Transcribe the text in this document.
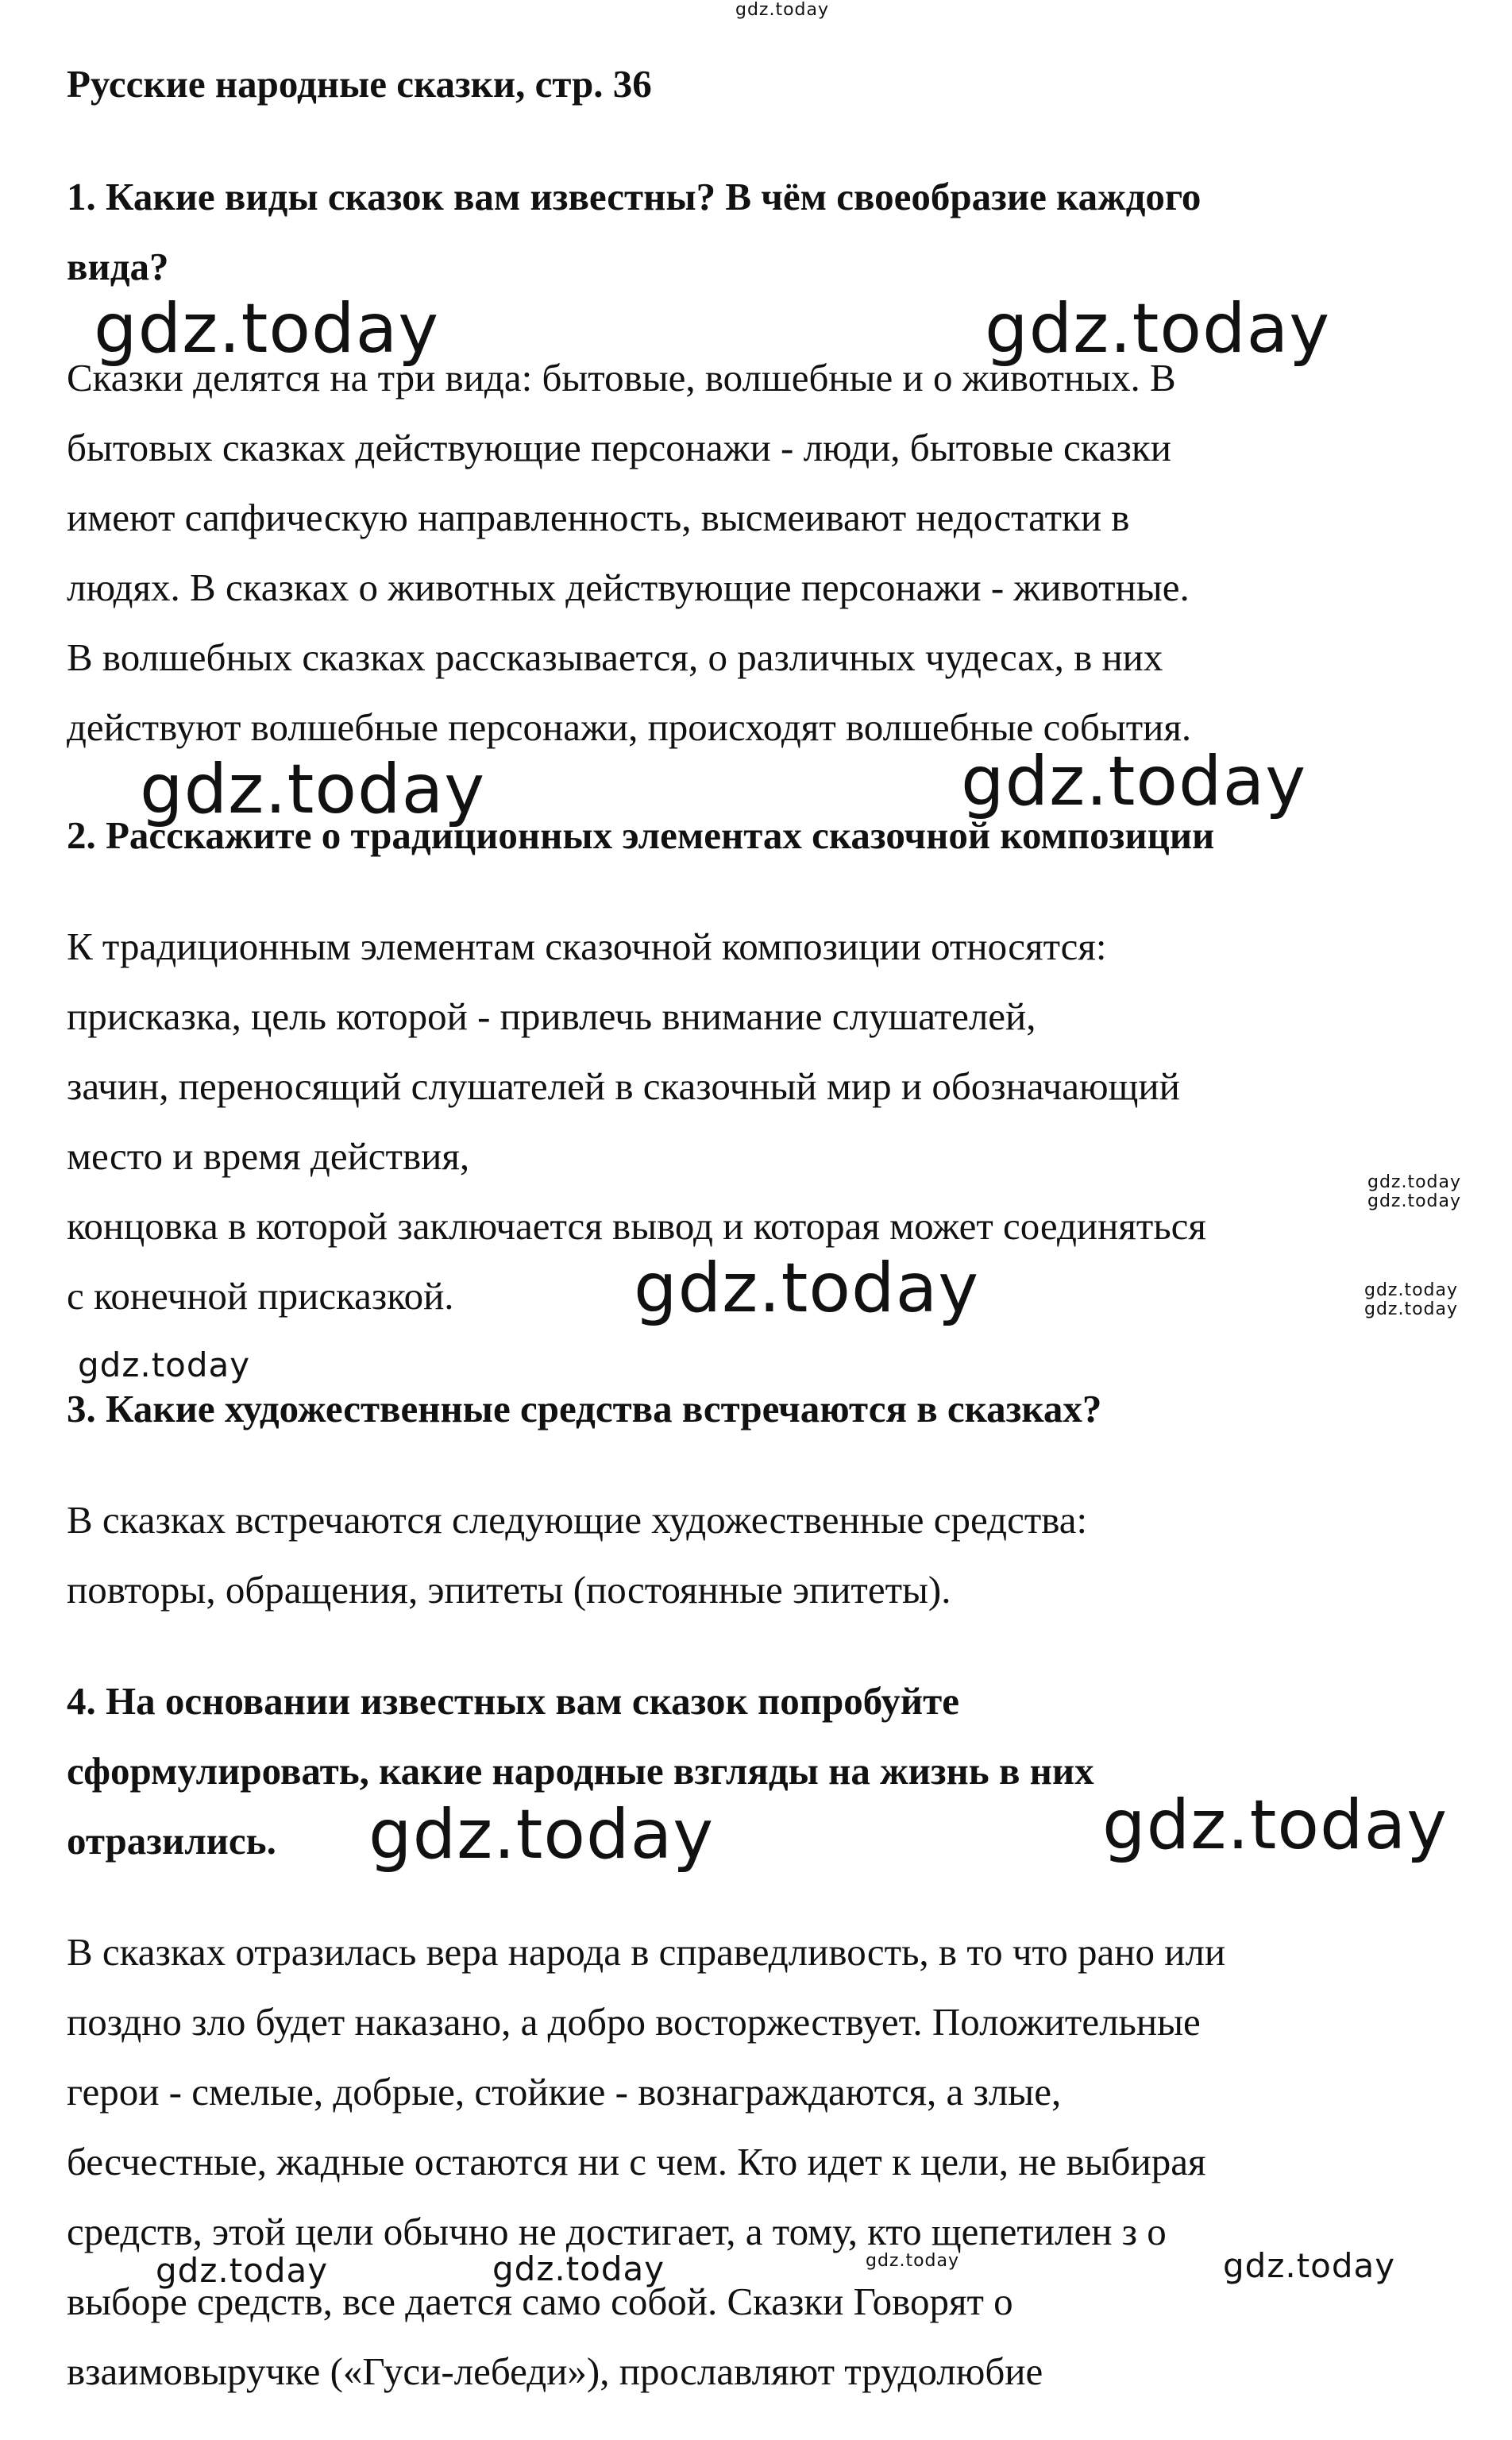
gdz.today
gdz.today	gdz.today
gdz.today	gdz.today
gdz.today
gdz.today	gdz.today
gdz.today
gdz.today	gdz.today
gdz.today	gdz.today	gdz.today	gdz.today

Русские народные сказки, стр. 36

1. Какие виды сказок вам известны? В чём своеобразие каждого

вида?

Сказки делятся на три вида: бытовые, волшебные и о животных. В

бытовых сказках действующие персонажи - люди, бытовые сказки

имеют сапфическую направленность, высмеивают недостатки в

людях. В сказках о животных действующие персонажи - животные.

В волшебных сказках рассказывается, о различных чудесах, в них

действуют волшебные персонажи, происходят волшебные события.

2. Расскажите о традиционных элементах сказочной композиции

К традиционным элементам сказочной композиции относятся:

присказка, цель которой - привлечь внимание слушателей,

зачин, переносящий слушателей в сказочный мир и обозначающий

место и время действия,

концовка в которой заключается вывод и которая может соединяться

с конечной присказкой.

3. Какие художественные средства встречаются в сказках?

В сказках встречаются следующие художественные средства:

повторы, обращения, эпитеты (постоянные эпитеты).

4. На основании известных вам сказок попробуйте

сформулировать, какие народные взгляды на жизнь в них

отразились.

В сказках отразилась вера народа в справедливость, в то что рано или

поздно зло будет наказано, а добро восторжествует. Положительные

герои - смелые, добрые, стойкие - вознаграждаются, а злые,

бесчестные, жадные остаются ни с чем. Кто идет к цели, не выбирая

средств, этой цели обычно не достигает, а тому, кто щепетилен з о

выборе средств, все дается само собой. Сказки Говорят о

взаимовыручке («Гуси-лебеди»), прославляют трудолюбие

gdz.today
gdz.today
